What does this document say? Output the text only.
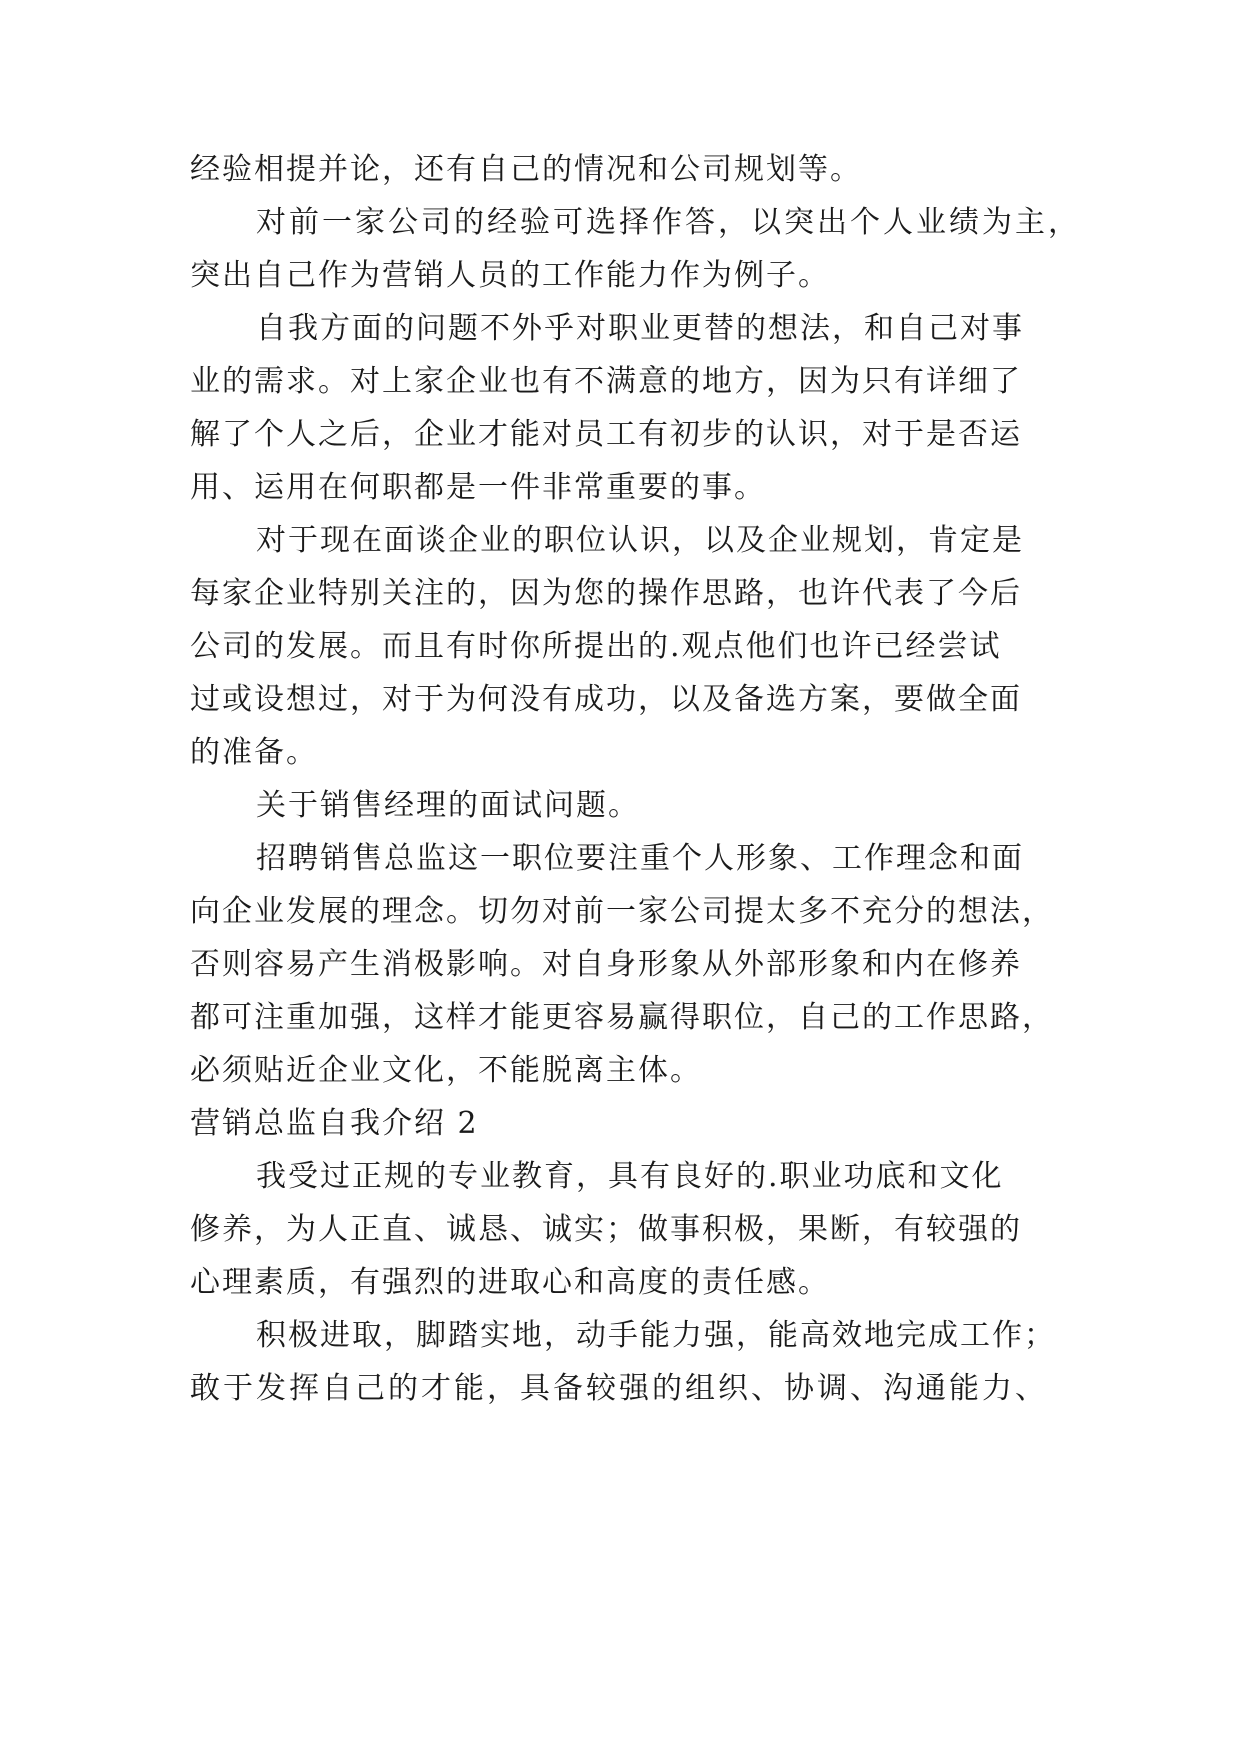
经验相提并论，还有自己的情况和公司规划等。
对前一家公司的经验可选择作答，以突出个人业绩为主，
突出自己作为营销人员的工作能力作为例子。
自我方面的问题不外乎对职业更替的想法，和自己对事
业的需求。对上家企业也有不满意的地方，因为只有详细了
解了个人之后，企业才能对员工有初步的认识，对于是否运
用、运用在何职都是一件非常重要的事。
对于现在面谈企业的职位认识，以及企业规划，肯定是
每家企业特别关注的，因为您的操作思路，也许代表了今后
公司的发展。而且有时你所提出的.观点他们也许已经尝试
过或设想过，对于为何没有成功，以及备选方案，要做全面
的准备。
关于销售经理的面试问题。
招聘销售总监这一职位要注重个人形象、工作理念和面
向企业发展的理念。切勿对前一家公司提太多不充分的想法，
否则容易产生消极影响。对自身形象从外部形象和内在修养
都可注重加强，这样才能更容易赢得职位，自己的工作思路，
必须贴近企业文化，不能脱离主体。
营销总监自我介绍 2
我受过正规的专业教育，具有良好的.职业功底和文化
修养，为人正直、诚恳、诚实；做事积极，果断，有较强的
心理素质，有强烈的进取心和高度的责任感。
积极进取，脚踏实地，动手能力强，能高效地完成工作；
敢于发挥自己的才能，具备较强的组织、协调、沟通能力、
